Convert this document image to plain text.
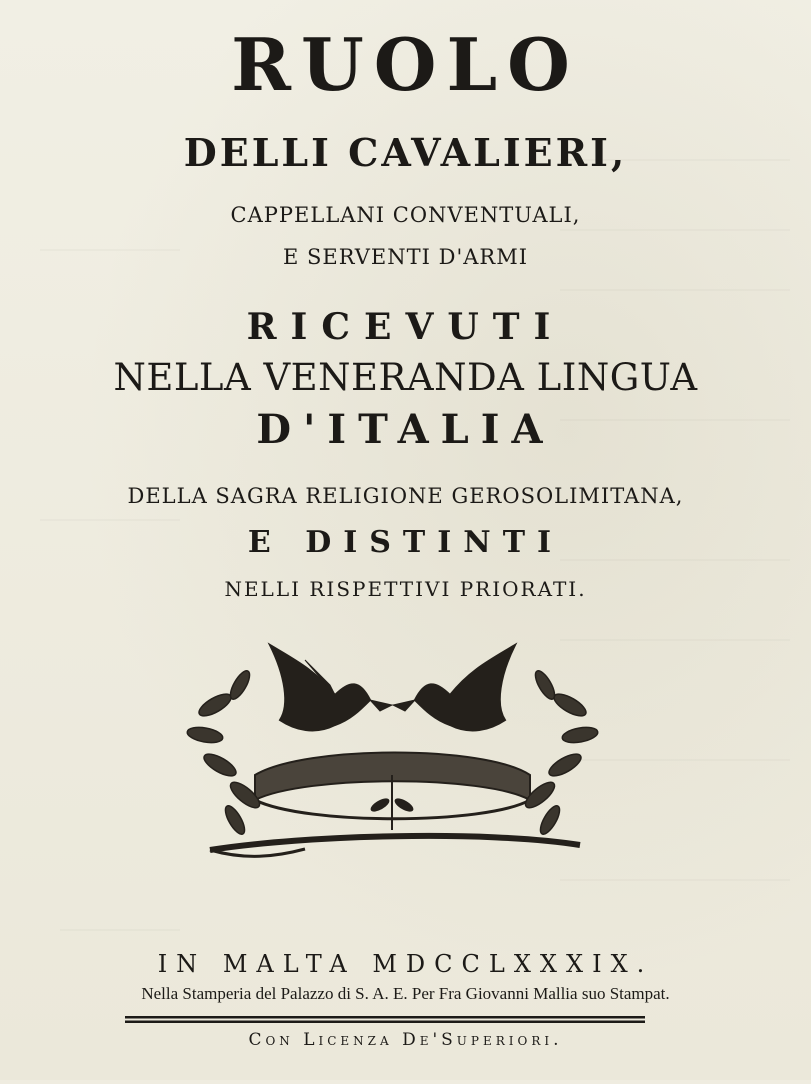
RUOLO
DELLI CAVALIERI,
CAPPELLANI CONVENTUALI,
E SERVENTI D'ARMI
RICEVUTI
NELLA VENERANDA LINGUA
D'ITALIA
DELLA SAGRA RELIGIONE GEROSOLIMITANA,
E DISTINTI
NELLI RISPETTIVI PRIORATI.
IN MALTA MDCCLXXXIX.
Nella Stamperia del Palazzo di S. A. E. Per Fra Giovanni Mallia suo Stampat.
Con Licenza De'Superiori.
